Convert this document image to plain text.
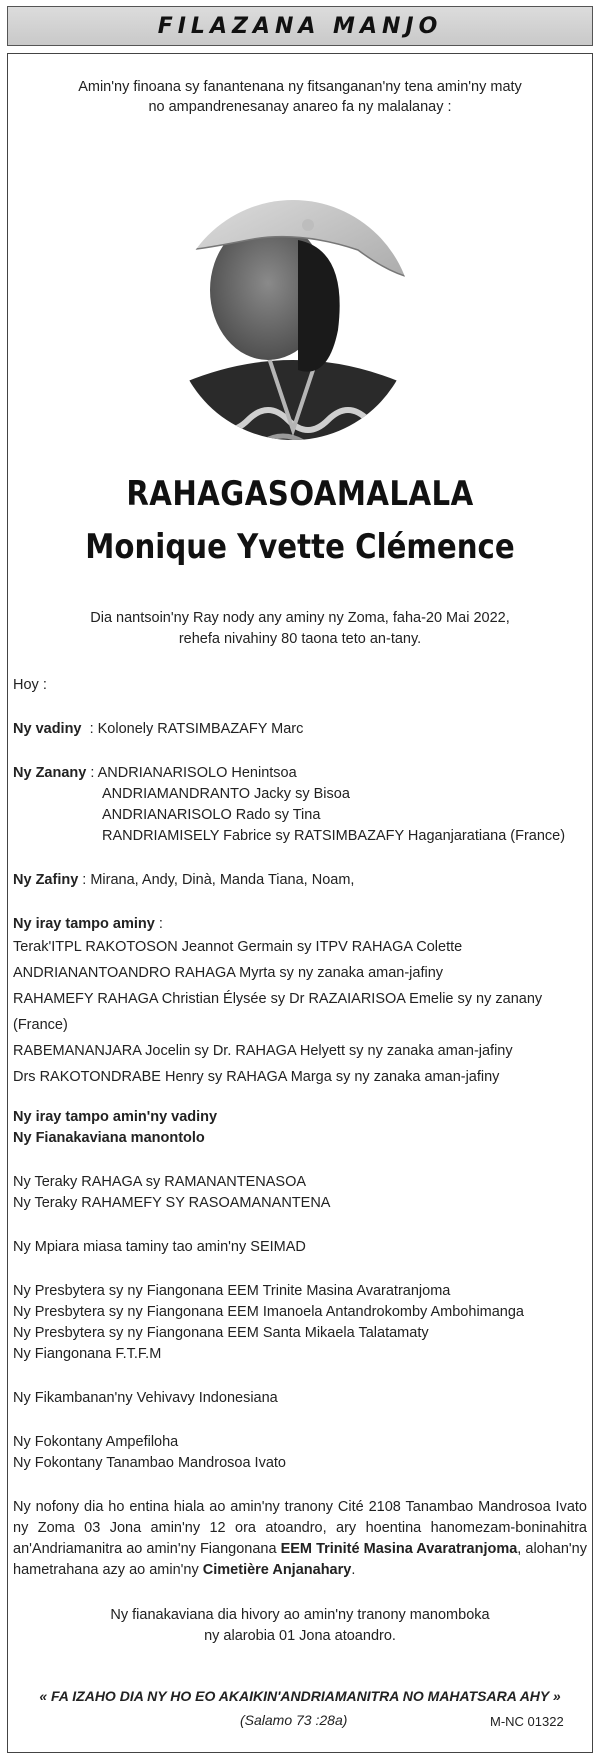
FILAZANA MANJO
Amin'ny finoana sy fanantenana ny fitsanganan'ny tena amin'ny maty
no ampandrenesanay anareo fa ny malalanay :
RAHAGASOAMALALA
Monique Yvette Clémence
Dia nantsoin'ny Ray nody any aminy ny Zoma, faha-20 Mai 2022,
rehefa nivahiny 80 taona teto an-tany.
Hoy :
Ny vadiny : Kolonely RATSIMBAZAFY Marc
Ny Zanany : ANDRIANARISOLO Henintsoa
ANDRIAMANDRANTO Jacky sy Bisoa
ANDRIANARISOLO Rado sy Tina
RANDRIAMISELY Fabrice sy RATSIMBAZAFY Haganjaratiana (France)
Ny Zafiny : Mirana, Andy, Dinà, Manda Tiana, Noam,
Ny iray tampo aminy :
Terak'ITPL RAKOTOSON Jeannot Germain sy ITPV RAHAGA Colette
ANDRIANANTOANDRO RAHAGA Myrta sy ny zanaka aman-jafiny
RAHAMEFY RAHAGA Christian Élysée sy Dr RAZAIARISOA Emelie sy ny zanany
(France)
RABEMANANJARA Jocelin sy Dr. RAHAGA Helyett sy ny zanaka aman-jafiny
Drs RAKOTONDRABE Henry sy RAHAGA Marga sy ny zanaka aman-jafiny
Ny iray tampo amin'ny vadiny
Ny Fianakaviana manontolo
Ny Teraky RAHAGA sy RAMANANTENASOA
Ny Teraky RAHAMEFY SY RASOAMANANTENA
Ny Mpiara miasa taminy tao amin'ny SEIMAD
Ny Presbytera sy ny Fiangonana EEM Trinite Masina Avaratranjoma
Ny Presbytera sy ny Fiangonana EEM Imanoela Antandrokomby Ambohimanga
Ny Presbytera sy ny Fiangonana EEM Santa Mikaela Talatamaty
Ny Fiangonana F.T.F.M
Ny Fikambanan'ny Vehivavy Indonesiana
Ny Fokontany Ampefiloha
Ny Fokontany Tanambao Mandrosoa Ivato
Ny nofony dia ho entina hiala ao amin'ny tranony Cité 2108 Tanambao Mandrosoa Ivato ny Zoma 03 Jona amin'ny 12 ora atoandro, ary hoentina hanomezam-boninahitra an'Andriamanitra ao amin'ny Fiangonana EEM Trinité Masina Avaratranjoma, alohan'ny hametrahana azy ao amin'ny Cimetière Anjanahary.
Ny fianakaviana dia hivory ao amin'ny tranony manomboka
ny alarobia 01 Jona atoandro.
« FA IZAHO DIA NY HO EO AKAIKIN'ANDRIAMANITRA NO MAHATSARA AHY »
(Salamo 73 :28a)	M-NC 01322
